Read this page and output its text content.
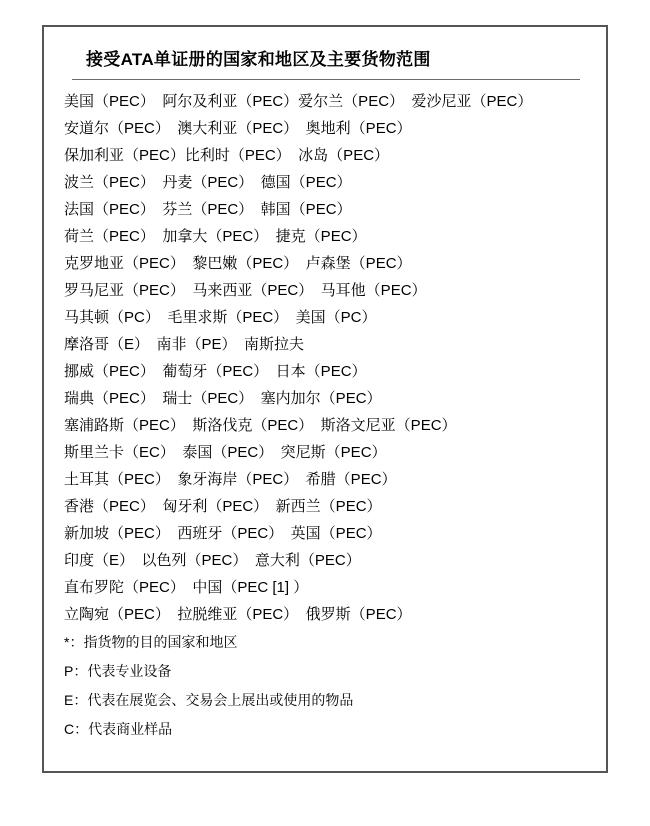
接受ATA单证册的国家和地区及主要货物范围
美国（PEC）　阿尔及利亚（PEC）爱尔兰（PEC）　爱沙尼亚（PEC）
安道尔（PEC）　澳大利亚（PEC）　奥地利（PEC）
保加利亚（PEC）比利时（PEC）　冰岛（PEC）
波兰（PEC）　丹麦（PEC）　德国（PEC）
法国（PEC）　芬兰（PEC）　韩国（PEC）
荷兰（PEC）　加拿大（PEC）　捷克（PEC）
克罗地亚（PEC）　黎巴嫩（PEC）　卢森堡（PEC）
罗马尼亚（PEC）　马来西亚（PEC）　马耳他（PEC）
马其顿（PC）　毛里求斯（PEC）　美国（PC）
摩洛哥（E）　南非（PE）　南斯拉夫
挪威（PEC）　葡萄牙（PEC）　日本（PEC）
瑞典（PEC）　瑞士（PEC）　塞内加尔（PEC）
塞浦路斯（PEC）　斯洛伐克（PEC）　斯洛文尼亚（PEC）
斯里兰卡（EC）　泰国（PEC）　突尼斯（PEC）
土耳其（PEC）　象牙海岸（PEC）　希腊（PEC）
香港（PEC）　匈牙利（PEC）　新西兰（PEC）
新加坡（PEC）　西班牙（PEC）　英国（PEC）
印度（E）　以色列（PEC）　意大利（PEC）
直布罗陀（PEC）　中国（PEC [1] ）
立陶宛（PEC）　拉脱维亚（PEC）　俄罗斯（PEC）
*：指货物的目的国家和地区
P：代表专业设备
E：代表在展览会、交易会上展出或使用的物品
C：代表商业样品
